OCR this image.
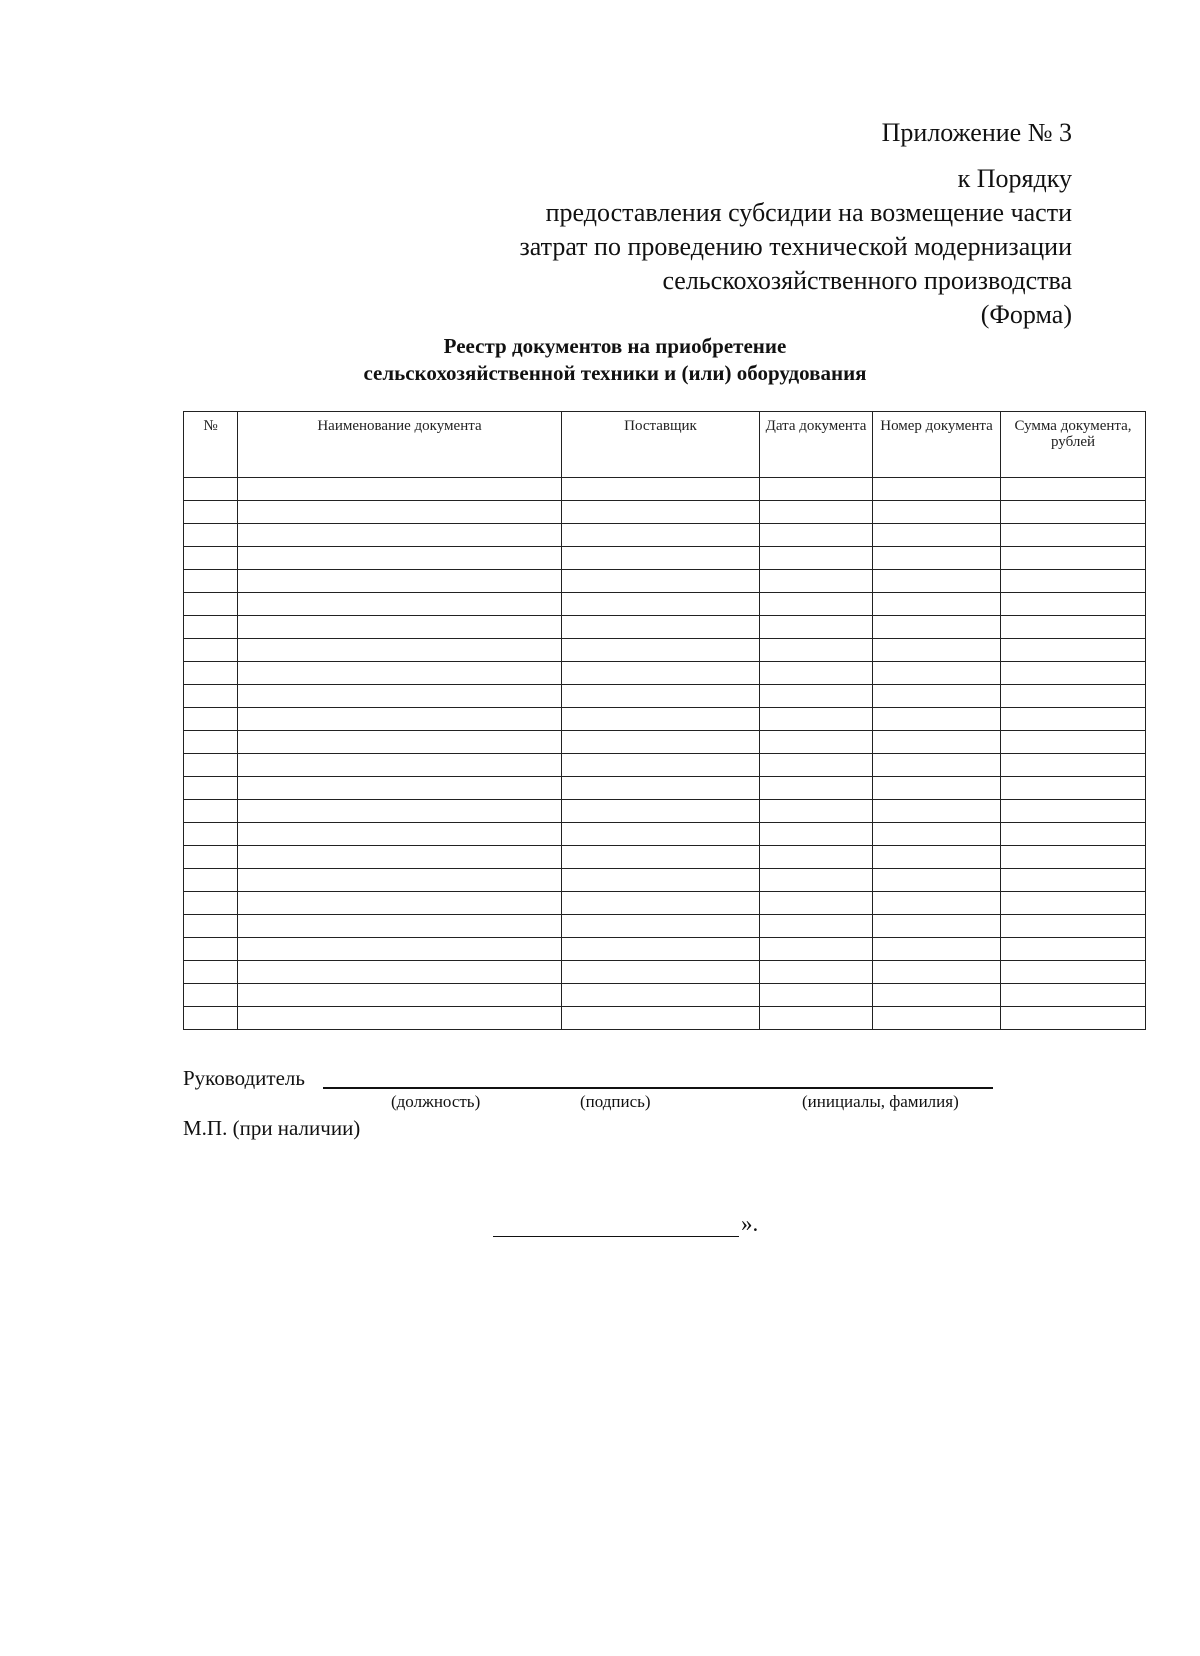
Приложение № 3
к Порядку
предоставления субсидии на возмещение части
затрат по проведению технической модернизации
сельскохозяйственного производства
(Форма)
Реестр документов на приобретение
сельскохозяйственной техники и (или) оборудования
№	Наименование документа	Поставщик	Дата документа	Номер документа	Сумма документа, рублей

Руководитель
(должность)	(подпись)	(инициалы, фамилия)
М.П. (при наличии)
».
